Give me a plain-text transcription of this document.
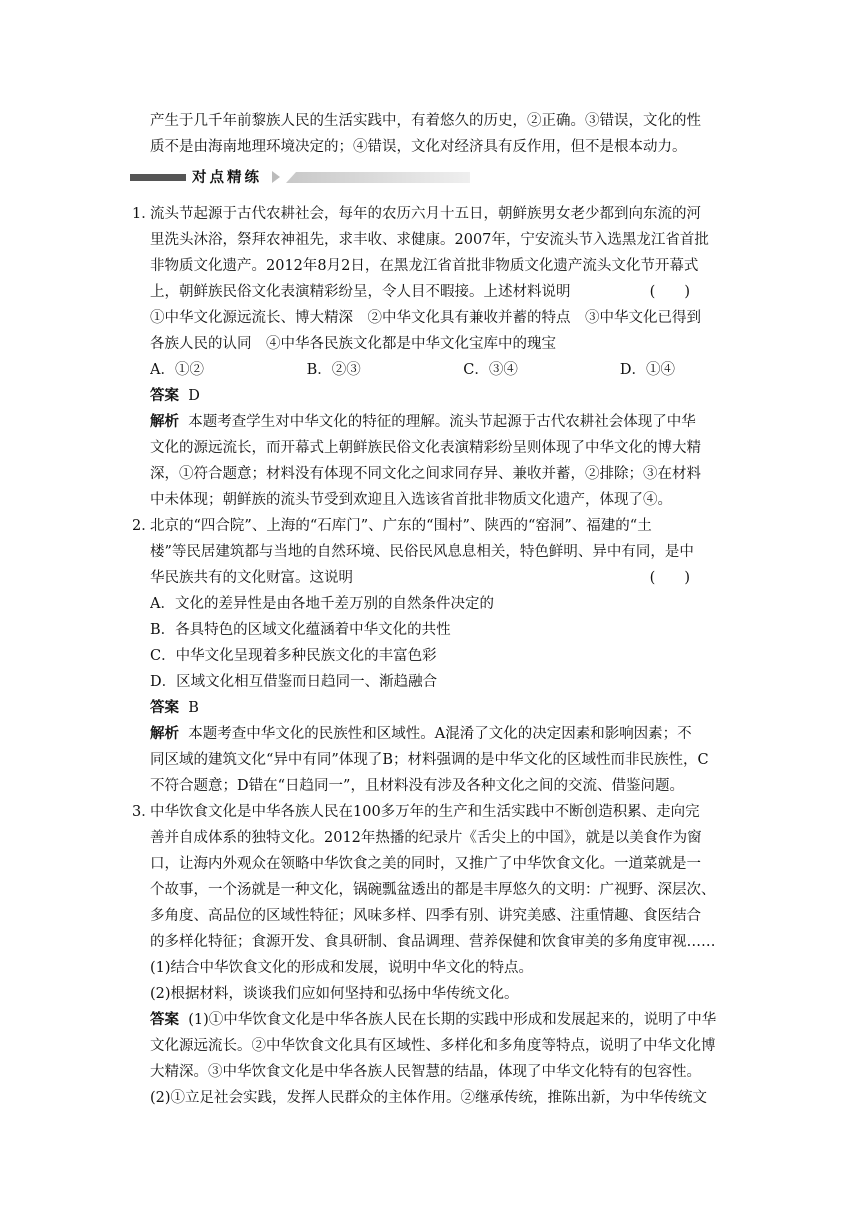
产生于几千年前黎族人民的生活实践中，有着悠久的历史，②正确。③错误，文化的性
质不是由海南地理环境决定的；④错误，文化对经济具有反作用，但不是根本动力。
对点精练
1．
流头节起源于古代农耕社会，每年的农历六月十五日，朝鲜族男女老少都到向东流的河
里洗头沐浴，祭拜农神祖先，求丰收、求健康。2007年，宁安流头节入选黑龙江省首批
非物质文化遗产。2012年8月2日，在黑龙江省首批非物质文化遗产流头文化节开幕式
上，朝鲜族民俗文化表演精彩纷呈，令人目不暇接。上述材料说明	(　　)
①中华文化源远流长、博大精深　②中华文化具有兼收并蓄的特点　③中华文化已得到
各族人民的认同　④中华各民族文化都是中华文化宝库中的瑰宝
A．①②	B．②③	C．③④	D．①④
答案 D
解析 本题考查学生对中华文化的特征的理解。流头节起源于古代农耕社会体现了中华
文化的源远流长，而开幕式上朝鲜族民俗文化表演精彩纷呈则体现了中华文化的博大精
深，①符合题意；材料没有体现不同文化之间求同存异、兼收并蓄，②排除；③在材料
中未体现；朝鲜族的流头节受到欢迎且入选该省首批非物质文化遗产，体现了④。
2．
北京的“四合院”、上海的“石库门”、广东的“围村”、陕西的“窑洞”、福建的“土
楼”等民居建筑都与当地的自然环境、民俗民风息息相关，特色鲜明、异中有同，是中
华民族共有的文化财富。这说明	(　　)
A．文化的差异性是由各地千差万别的自然条件决定的
B．各具特色的区域文化蕴涵着中华文化的共性
C．中华文化呈现着多种民族文化的丰富色彩
D．区域文化相互借鉴而日趋同一、渐趋融合
答案 B
解析 本题考查中华文化的民族性和区域性。A混淆了文化的决定因素和影响因素；不
同区域的建筑文化“异中有同”体现了B；材料强调的是中华文化的区域性而非民族性，C
不符合题意；D错在“日趋同一”，且材料没有涉及各种文化之间的交流、借鉴问题。
3．
中华饮食文化是中华各族人民在100多万年的生产和生活实践中不断创造积累、走向完
善并自成体系的独特文化。2012年热播的纪录片《舌尖上的中国》，就是以美食作为窗
口，让海内外观众在领略中华饮食之美的同时，又推广了中华饮食文化。一道菜就是一
个故事，一个汤就是一种文化，锅碗瓢盆透出的都是丰厚悠久的文明：广视野、深层次、
多角度、高品位的区域性特征；风味多样、四季有别、讲究美感、注重情趣、食医结合
的多样化特征；食源开发、食具研制、食品调理、营养保健和饮食审美的多角度审视……
(1)结合中华饮食文化的形成和发展，说明中华文化的特点。
(2)根据材料，谈谈我们应如何坚持和弘扬中华传统文化。
答案 (1)①中华饮食文化是中华各族人民在长期的实践中形成和发展起来的，说明了中华
文化源远流长。②中华饮食文化具有区域性、多样化和多角度等特点，说明了中华文化博
大精深。③中华饮食文化是中华各族人民智慧的结晶，体现了中华文化特有的包容性。
(2)①立足社会实践，发挥人民群众的主体作用。②继承传统，推陈出新，为中华传统文
